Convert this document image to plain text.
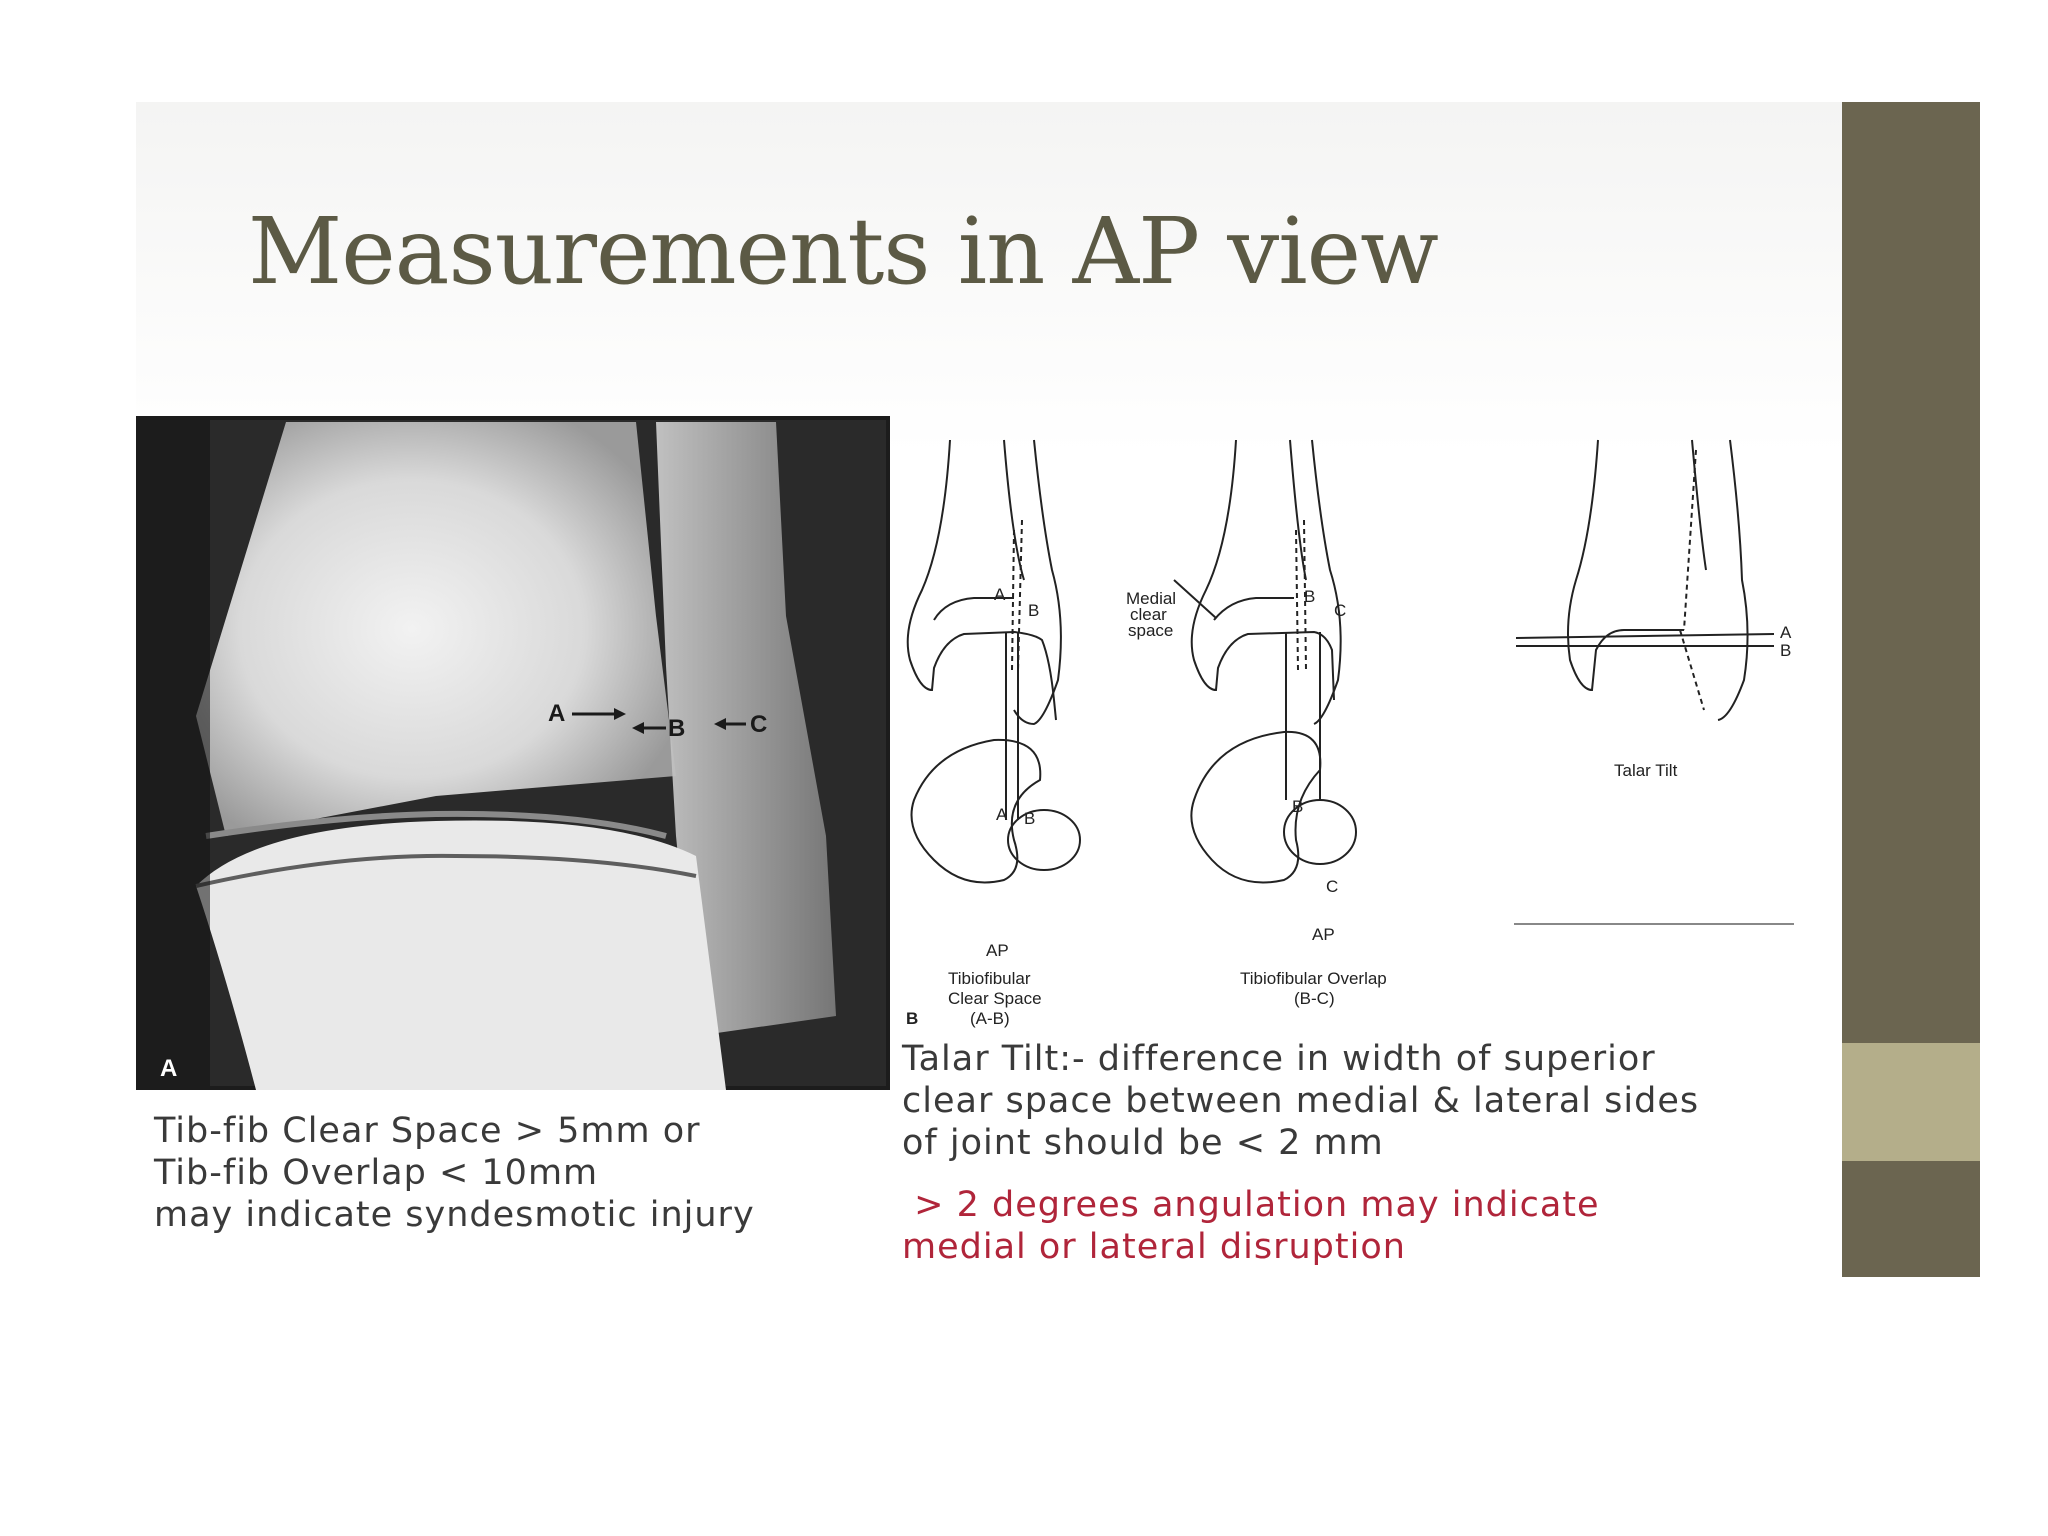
Measurements in AP view
A
B	C
A
A
B
A B
AP
Tibiofibular
Clear Space
(A-B)
B
Medial
clear
space
B
C
B
C
AP
Tibiofibular Overlap
(B-C)
A
B
Talar Tilt
Tib-fib Clear Space > 5mm or
Tib-fib Overlap < 10mm
may indicate syndesmotic injury
Talar Tilt:- difference in width of superior
clear space between medial & lateral sides
of joint should be < 2 mm
> 2 degrees angulation may indicate
medial or lateral disruption
